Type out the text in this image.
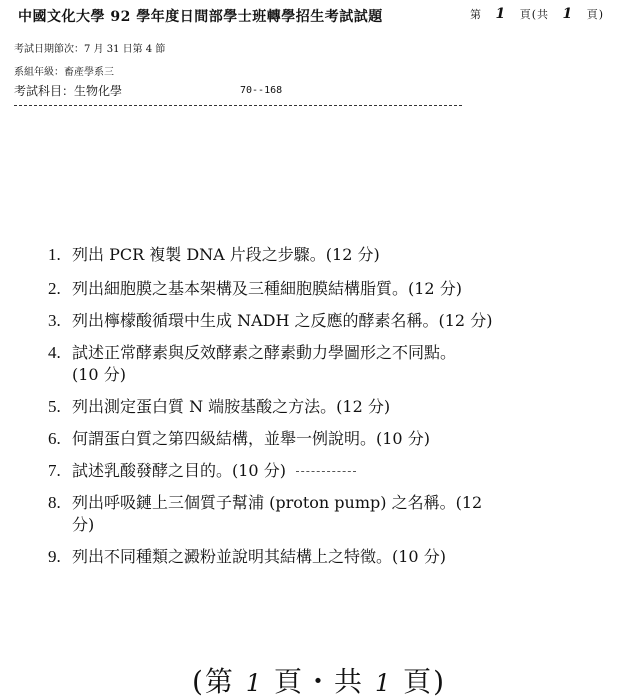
中國文化大學 92 學年度日間部學士班轉學招生考試試題	第 1 頁(共 1 頁)
考試日期節次：7 月 31 日第 4 節
系組年級：畜產學系三
考試科目：生物化學	70--168
1. 列出 PCR 複製 DNA 片段之步驟。(12 分)
2. 列出細胞膜之基本架構及三種細胞膜結構脂質。(12 分)
3. 列出檸檬酸循環中生成 NADH 之反應的酵素名稱。(12 分)
4. 試述正常酵素與反效酵素之酵素動力學圖形之不同點。
(10 分)
5. 列出測定蛋白質 N 端胺基酸之方法。(12 分)
6. 何謂蛋白質之第四級結構，並舉一例說明。(10 分)
7. 試述乳酸發酵之目的。(10 分)
8. 列出呼吸鏈上三個質子幫浦 (proton pump) 之名稱。(12
分)
9. 列出不同種類之澱粉並說明其結構上之特徵。(10 分)
(第 1 頁・共 1 頁)
